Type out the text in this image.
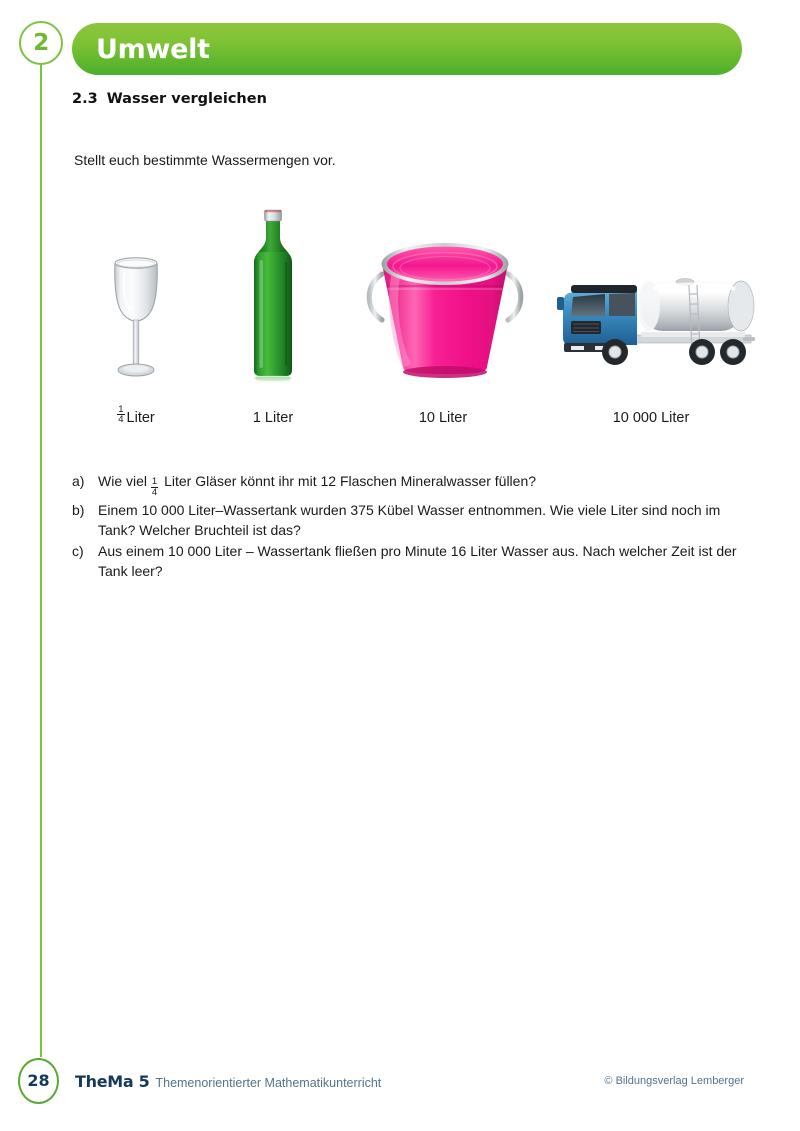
2 Umwelt
2.3 Wasser vergleichen
Stellt euch bestimmte Wassermengen vor.
$\frac{1}{4}$ Liter	1 Liter	10 Liter	10 000 Liter
a) Wie viel $\frac{1}{4}$ Liter Gläser könnt ihr mit 12 Flaschen Mineralwasser füllen?
b) Einem 10 000 Liter–Wassertank wurden 375 Kübel Wasser entnommen. Wie viele Liter sind noch im Tank? Welcher Bruchteil ist das?
c)	Aus einem 10 000 Liter – Wassertank fließen pro Minute 16 Liter Wasser aus. Nach welcher Zeit ist der Tank leer?
28 TheMa 5 Themenorientierter Mathematikunterricht	© Bildungsverlag Lemberger
